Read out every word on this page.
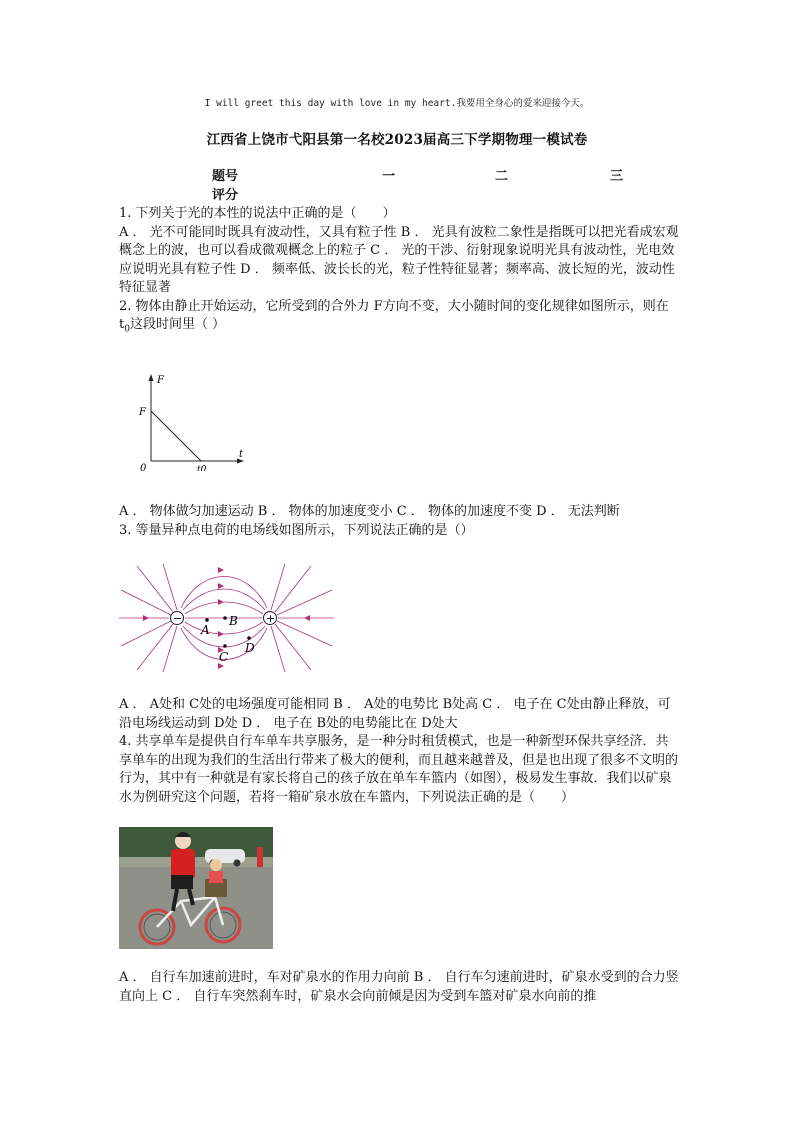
I will greet this day with love in my heart.我要用全身心的爱来迎接今天。
江西省上饶市弋阳县第一名校2023届高三下学期物理一模试卷
题号	一	二	三
评分

1. 下列关于光的本性的说法中正确的是（　　）

A ． 光不可能同时既具有波动性，又具有粒子性 B ． 光具有波粒二象性是指既可以把光看成宏观概念上的波，也可以看成微观概念上的粒子 C ． 光的干涉、衍射现象说明光具有波动性，光电效应说明光具有粒子性 D ． 频率低、波长长的光，粒子性特征显著；频率高、波长短的光，波动性特征显著

2. 物体由静止开始运动，它所受到的合外力 F方向不变，大小随时间的变化规律如图所示，则在 $t_0$这段时间里（ ）

F
F
0	t0
t

A ． 物体做匀加速运动 B ． 物体的加速度变小 C ． 物体的加速度不变 D ． 无法判断

3. 等量异种点电荷的电场线如图所示，下列说法正确的是（）

−	+
A
B
C
D

A ． A处和 C处的电场强度可能相同 B ． A处的电势比 B处高 C ． 电子在 C处由静止释放，可沿电场线运动到 D处 D ． 电子在 B处的电势能比在 D处大

4. 共享单车是提供自行车单车共享服务，是一种分时租赁模式，也是一种新型环保共享经济．共享单车的出现为我们的生活出行带来了极大的便利，而且越来越普及，但是也出现了很多不文明的行为，其中有一种就是有家长将自己的孩子放在单车车篮内（如图），极易发生事故．我们以矿泉水为例研究这个问题，若将一箱矿泉水放在车篮内，下列说法正确的是（　　）

A ． 自行车加速前进时，车对矿泉水的作用力向前 B ． 自行车匀速前进时，矿泉水受到的合力竖直向上 C ． 自行车突然刹车时，矿泉水会向前倾是因为受到车篮对矿泉水向前的推
